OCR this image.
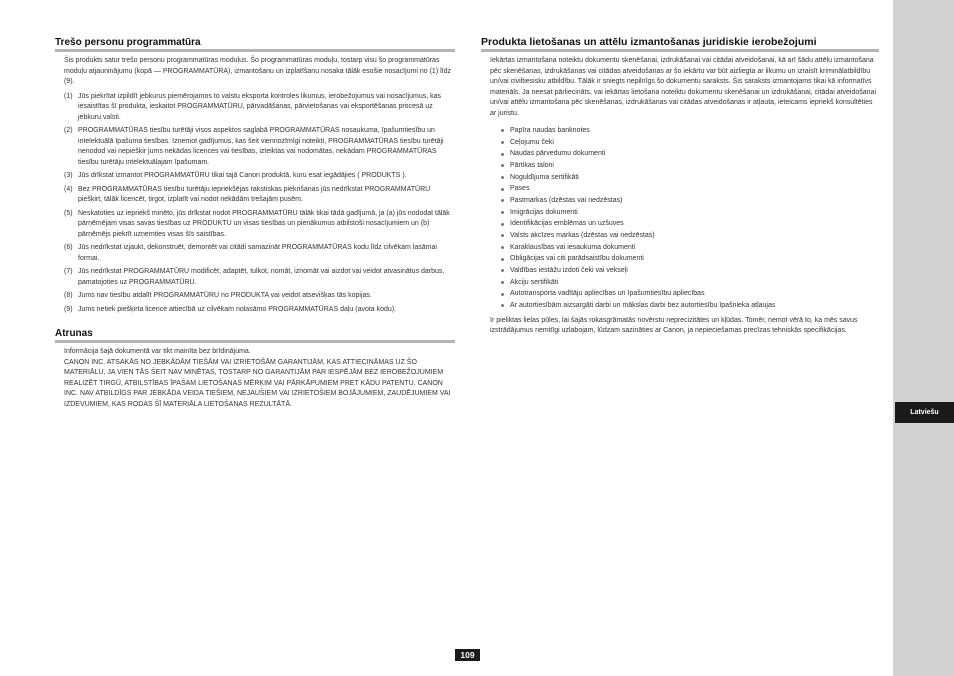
Latviešu
Trešo personu programmatūra
Šis produkts satur trešo personu programmatūras moduļus. Šo programmatūras moduļu, tostarp visu šo programmatūras moduļu atjauninājumu (kopā — PROGRAMMATŪRA), izmantošanu un izplatīšanu nosaka tālāk esošie nosacījumi no (1) līdz (9).
(1) Jūs piekrītat izpildīt jebkurus piemērojamos to valstu eksporta kontroles likumus, ierobežojumus vai nosacījumus, kas iesaistītas šī produkta, ieskaitot PROGRAMMATŪRU, pārvadāšanas, pārvietošanas vai eksportēšanas procesā uz jebkuru valsti.
(2) PROGRAMMATŪRAS tiesību turētāji visos aspektos saglabā PROGRAMMATŪRAS nosaukuma, īpašumtiesību un intelektuālā īpašuma tiesības. Izņemot gadījumus, kas šeit viennozīmīgi noteikti, PROGRAMMATŪRAS tiesību turētāji nenodod vai nepiešķir jums nekādas licences vai tiesības, izteiktas vai nodomātas, nekādam PROGRAMMATŪRAS tiesību turētāju intelektuālajam īpašumam.
(3) Jūs drīkstat izmantot PROGRAMMATŪRU tikai tajā Canon produktā, kuru esat iegādājies ( PRODUKTS ).
(4) Bez PROGRAMMATŪRAS tiesību turētāju iepriekšējas rakstiskas piekrišanas jūs nedrīkstat PROGRAMMATŪRU piešķirt, tālāk licencēt, tirgot, izplatīt vai nodot nekādām trešajām pusēm.
(5) Neskatoties uz iepriekš minēto, jūs drīkstat nodot PROGRAMMATŪRU tālāk tikai tādā gadījumā, ja (a) jūs nododat tālāk pārņēmējam visas savas tiesības uz PRODUKTU un visas tiesības un pienākumus atbilstoši nosacījumiem un (b) pārņēmējs piekrīt uzņemties visas šīs saistības.
(6) Jūs nedrīkstat izjaukt, dekonstruēt, demontēt vai citādi samazināt PROGRAMMATŪRAS kodu līdz cilvēkam lasāmai formai.
(7) Jūs nedrīkstat PROGRAMMATŪRU modificēt, adaptēt, tulkot, nomāt, iznomāt vai aizdot vai veidot atvasinātus darbus, pamatojoties uz PROGRAMMATŪRU.
(8) Jums nav tiesību atdalīt PROGRAMMATŪRU no PRODUKTA vai veidot atsevišķas tās kopijas.
(9) Jums netiek piešķirta licence attiecībā uz cilvēkam nolasāmo PROGRAMMATŪRAS daļu (avota kodu).
Atrunas
Informācija šajā dokumentā var tikt mainīta bez brīdinājuma.
CANON INC. ATSAKĀS NO JEBKĀDĀM TIEŠĀM VAI IZRIETOŠĀM GARANTIJĀM, KAS ATTIECINĀMAS UZ ŠO MATERIĀLU, JA VIEN TĀS ŠEIT NAV MINĒTAS, TOSTARP NO GARANTIJĀM PAR IESPĒJĀM BEZ IEROBEŽOJUMIEM REALIZĒT TIRGŪ, ATBILSTĪBAS ĪPAŠAM LIETOŠANAS MĒRĶIM VAI PĀRKĀPUMIEM PRET KĀDU PATENTU. CANON INC. NAV ATBILDĪGS PAR JEBKĀDA VEIDA TIEŠIEM, NEJAUŠIEM VAI IZRIETOŠIEM BOJĀJUMIEM, ZAUDĒJUMIEM VAI IZDEVUMIEM, KAS RODAS ŠĪ MATERIĀLA LIETOŠANAS REZULTĀTĀ.
Produkta lietošanas un attēlu izmantošanas juridiskie ierobežojumi
Iekārtas izmantošana noteiktu dokumentu skenēšanai, izdrukāšanai vai citādai atveidošanai, kā arī šādu attēlu izmantošana pēc skenēšanas, izdrukāšanas vai citādas atveidošanas ar šo iekārtu var būt aizliegta ar likumu un izraisīt kriminālatbildību un/vai civiltiesisku atbildību. Tālāk ir sniegts nepilnīgs šo dokumentu saraksts. Šis saraksts izmantojams tikai kā informatīvs materiāls. Ja neesat pārliecināts, vai iekārtas lietošana noteiktu dokumentu skenēšanai un izdrukāšanai, citādai atveidošanai un/vai attēlu izmantošana pēc skenēšanas, izdrukāšanas vai citādas atveidošanas ir atļauta, ieteicams iepriekš konsultēties ar juristu.
Papīra naudas banknotes
Ceļojumu čeki
Naudas pārvedumu dokumenti
Pārtikas taloni
Noguldījuma sertifikāti
Pases
Pastmarkas (dzēstas vai nedzēstas)
Imigrācijas dokumenti
Identifikācijas emblēmas un uzšuves
Valsts akcīzes markas (dzēstas vai nedzēstas)
Karaklausības vai iesaukuma dokumenti
Obligācijas vai citi parādsaistību dokumenti
Valdības iestāžu izdoti čeki vai vekseļi
Akciju sertifikāti
Autotransporta vadītāju apliecības un īpašumtiesību apliecības
Ar autortiesībām aizsargāti darbi un mākslas darbi bez autortiesību īpašnieka atļaujas
Ir pieliktas lielas pūles, lai šajās rokasgrāmatās novērstu neprecizitātes un kļūdas. Tomēr, ņemot vērā to, ka mēs savus izstrādājumus nemitīgi uzlabojam, lūdzam sazināties ar Canon, ja nepieciešamas precīzas tehniskās specifikācijas.
109
